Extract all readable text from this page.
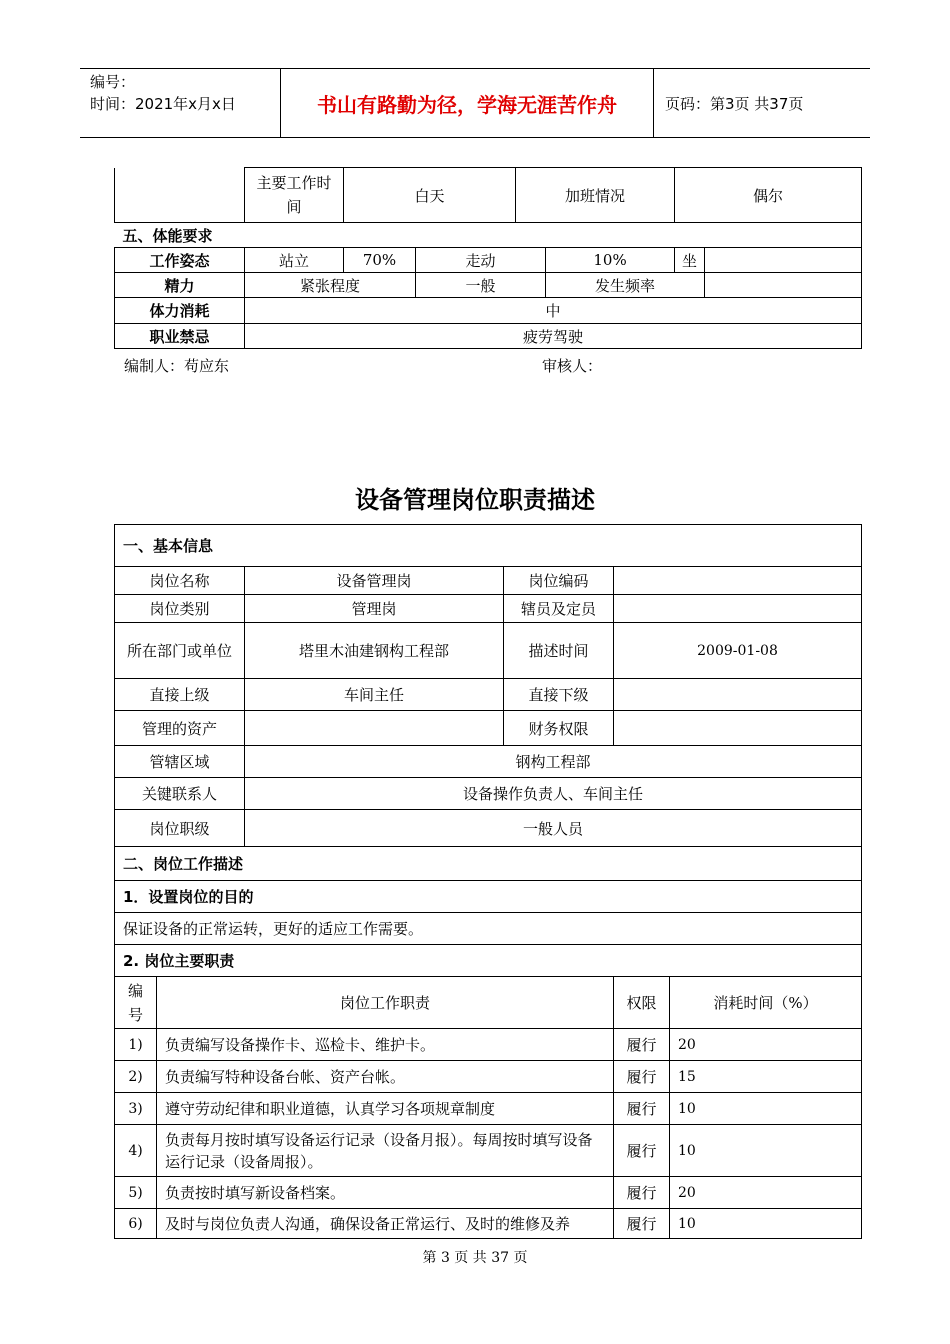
编号：
时间：2021年x月x日	书山有路勤为径，学海无涯苦作舟	页码：第3页 共37页
	主要工作时间	白天		加班情况		偶尔	
五、体能要求							
工作姿态	站立	70%	走动		10%	坐	
精力	紧张程度		一般		发生频率		
体力消耗	中						
职业禁忌	疲劳驾驶						
编制人：苟应东	审核人：
设备管理岗位职责描述
一、基本信息					
岗位名称		设备管理岗	岗位编码		
岗位类别		管理岗	辖员及定员		
所在部门或单位		塔里木油建钢构工程部	描述时间	2009-01-08	
直接上级		车间主任	直接下级		
管理的资产			财务权限		
管辖区域		钢构工程部			
关键联系人		设备操作负责人、车间主任			
岗位职级		一般人员			
二、岗位工作描述					
1．设置岗位的目的					
保证设备的正常运转，更好的适应工作需要。					
2. 岗位主要职责					
编号	岗位工作职责			权限	消耗时间（%）
1)	负责编写设备操作卡、巡检卡、维护卡。			履行	20
2)	负责编写特种设备台帐、资产台帐。			履行	15
3)	遵守劳动纪律和职业道德，认真学习各项规章制度			履行	10
4)	负责每月按时填写设备运行记录（设备月报）。每周按时填写设备运行记录（设备周报）。			履行	10
5)	负责按时填写新设备档案。			履行	20
6)	及时与岗位负责人沟通，确保设备正常运行、及时的维修及养			履行	10
第 3 页 共 37 页
